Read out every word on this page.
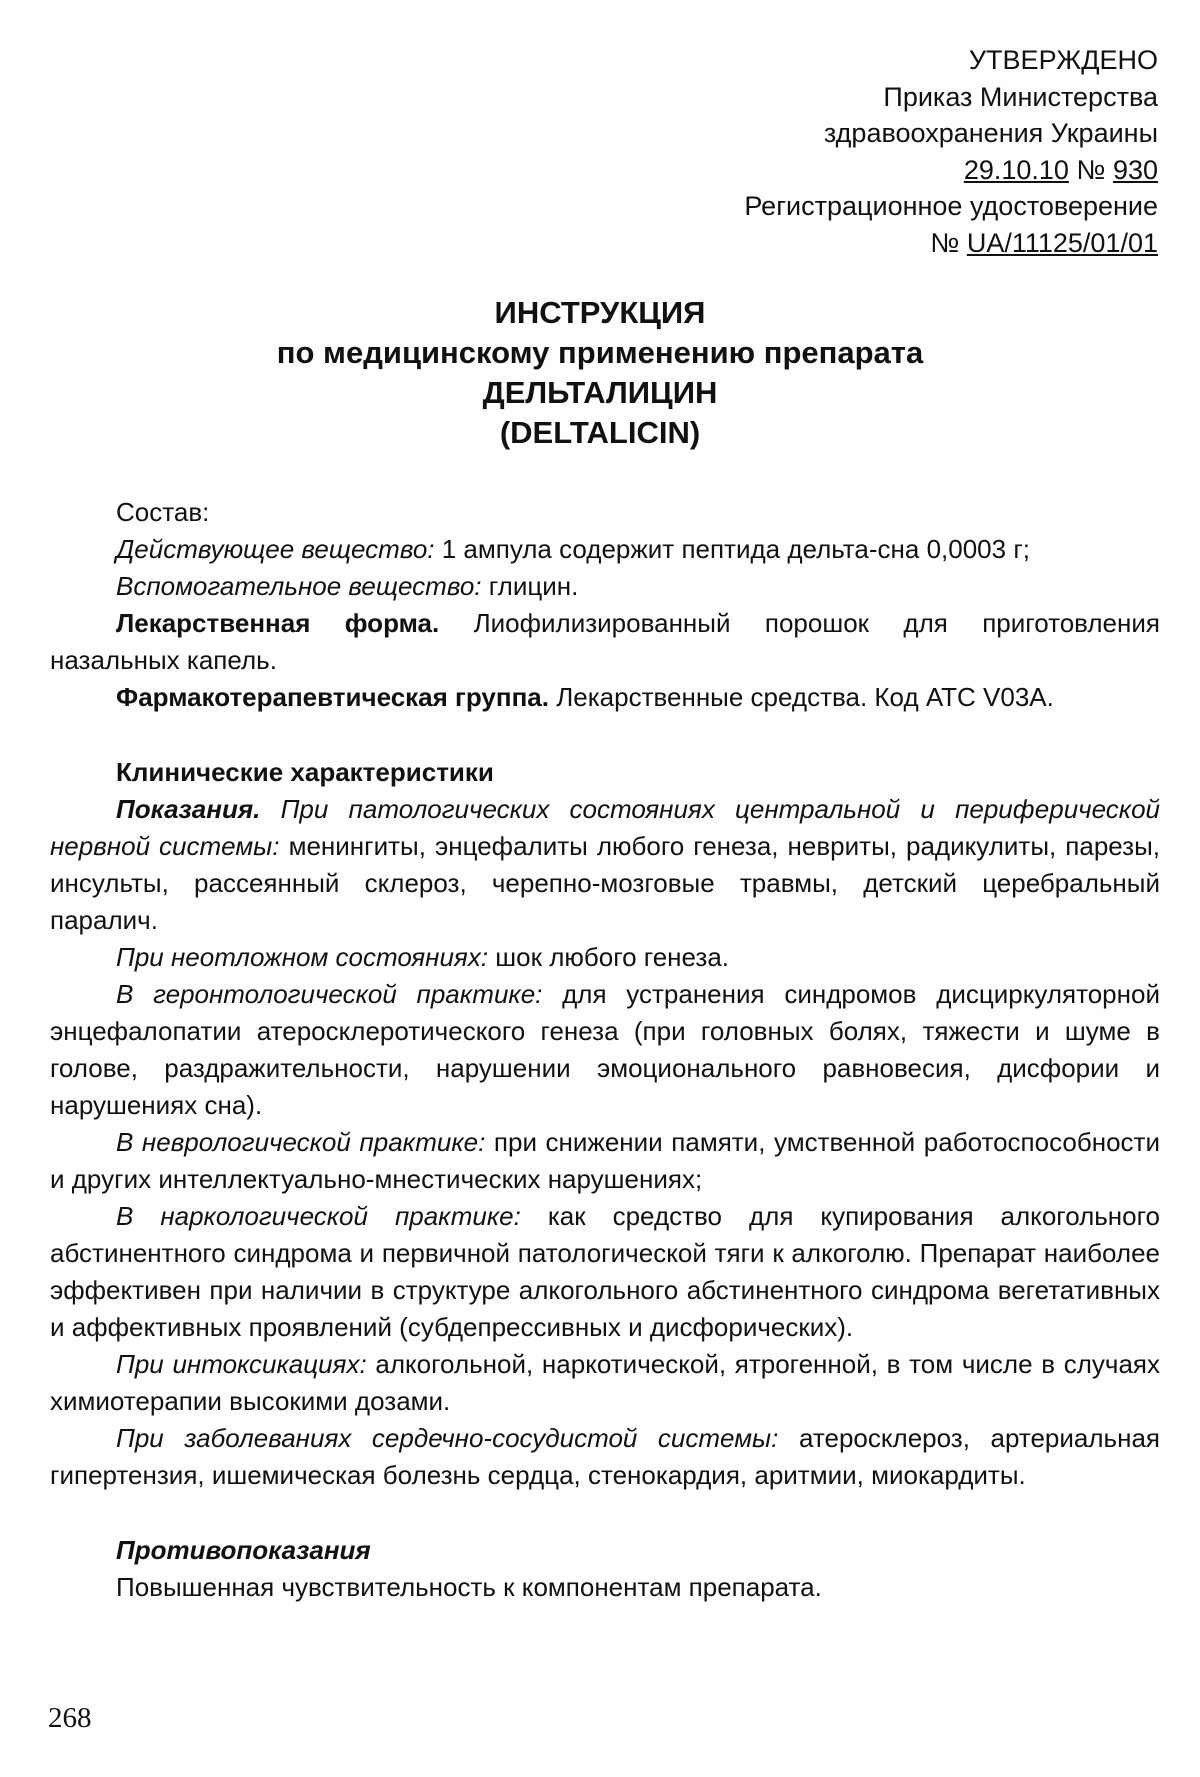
УТВЕРЖДЕНО
Приказ Министерства
здравоохранения Украины
29.10.10 № 930
Регистрационное удостоверение
№ UA/11125/01/01
ИНСТРУКЦИЯ
по медицинскому применению препарата
ДЕЛЬТАЛИЦИН
(DELTALICIN)

Состав:

Действующее вещество: 1 ампула содержит пептида дельта-сна 0,0003 г;

Вспомогательное вещество: глицин.

Лекарственная форма. Лиофилизированный порошок для приготовления назальных капель.

Фармакотерапевтическая группа. Лекарственные средства. Код АТС V03A.

Клинические характеристики

Показания. При патологических состояниях центральной и периферической нервной системы: менингиты, энцефалиты любого генеза, невриты, радикулиты, парезы, инсульты, рассеянный склероз, черепно-мозговые травмы, детский церебральный паралич.

При неотложном состояниях: шок любого генеза.

В геронтологической практике: для устранения синдромов дисциркуляторной энцефалопатии атеросклеротического генеза (при головных болях, тяжести и шуме в голове, раздражительности, нарушении эмоционального равновесия, дисфории и нарушениях сна).

В неврологической практике: при снижении памяти, умственной работоспособности и других интеллектуально-мнестических нарушениях;

В наркологической практике: как средство для купирования алкогольного абстинентного синдрома и первичной патологической тяги к алкоголю. Препарат наиболее эффективен при наличии в структуре алкогольного абстинентного синдрома вегетативных и аффективных проявлений (субдепрессивных и дисфорических).

При интоксикациях: алкогольной, наркотической, ятрогенной, в том числе в случаях химиотерапии высокими дозами.

При заболеваниях сердечно-сосудистой системы: атеросклероз, артериальная гипертензия, ишемическая болезнь сердца, стенокардия, аритмии, миокардиты.

Противопоказания

Повышенная чувствительность к компонентам препарата.

268
